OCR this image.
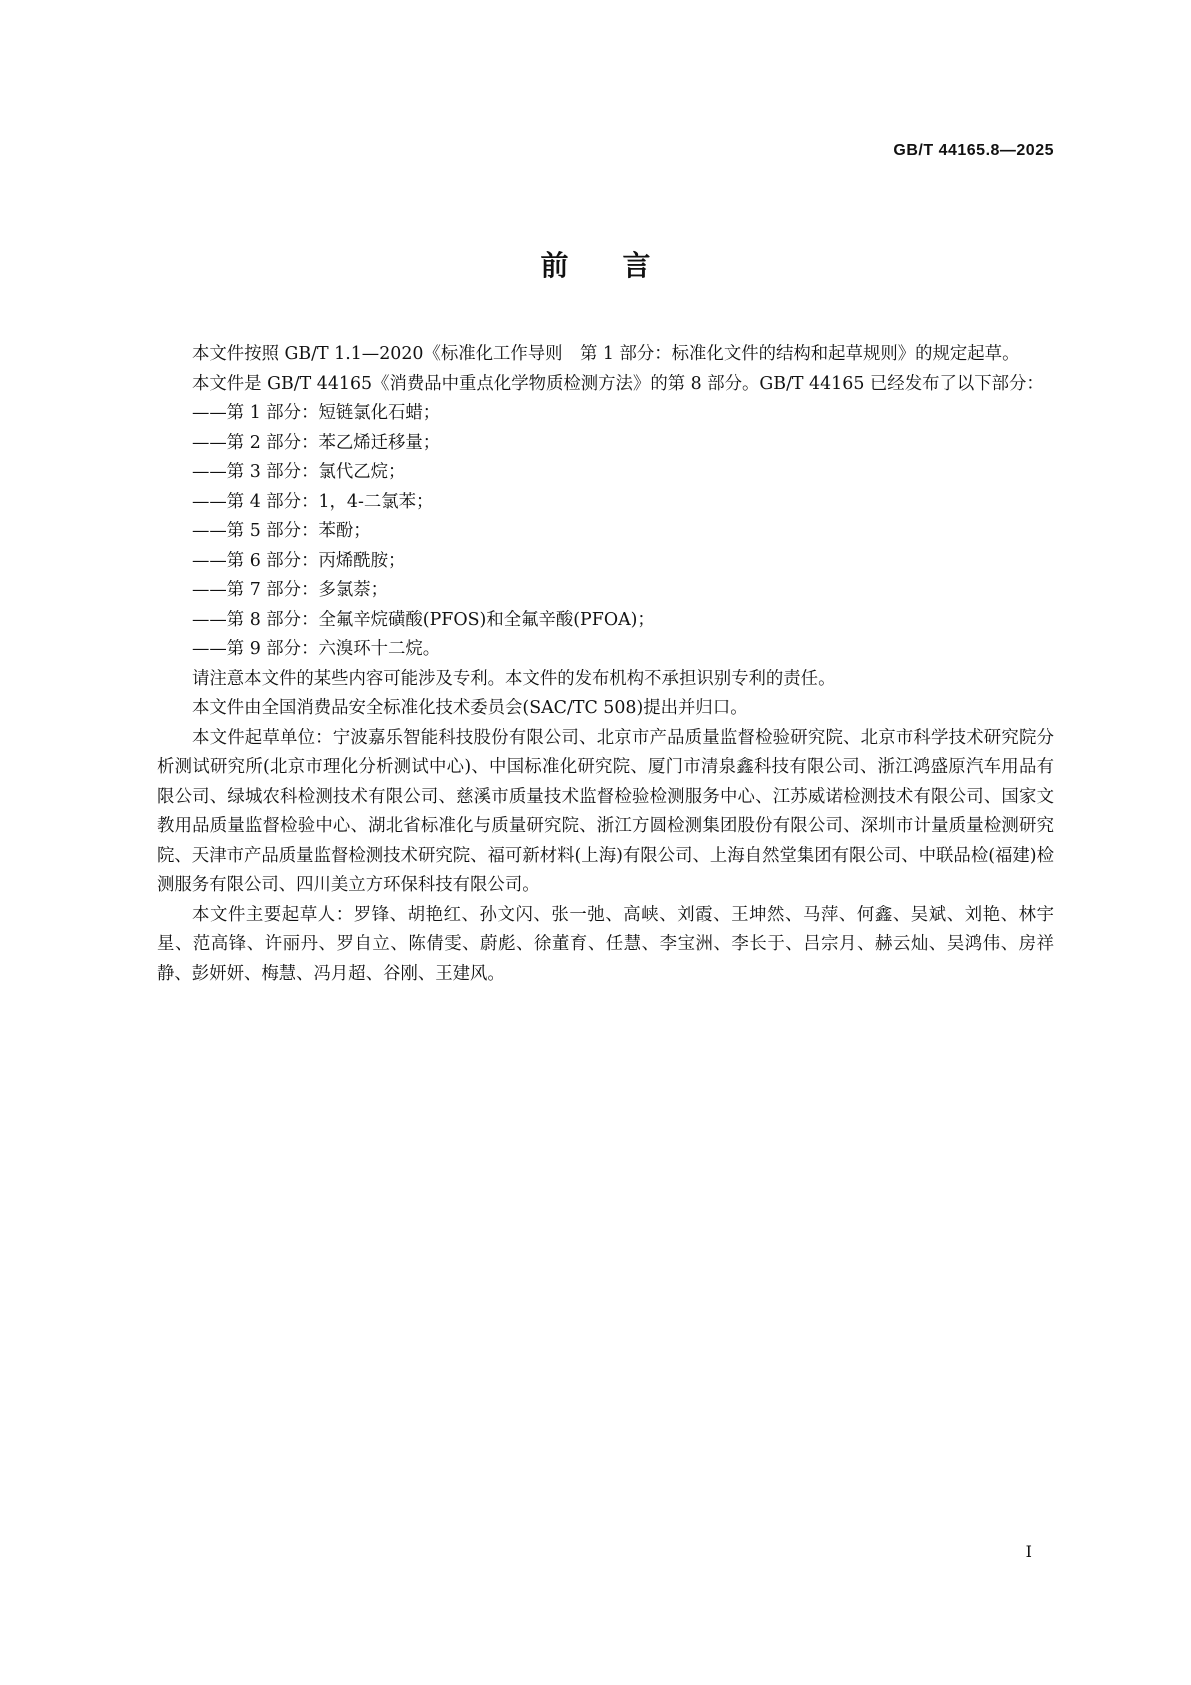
GB/T 44165.8—2025
前 言

本文件按照 GB/T 1.1—2020《标准化工作导则　第 1 部分：标准化文件的结构和起草规则》的规定起草。

本文件是 GB/T 44165《消费品中重点化学物质检测方法》的第 8 部分。GB/T 44165 已经发布了以下部分：

——第 1 部分：短链氯化石蜡；

——第 2 部分：苯乙烯迁移量；

——第 3 部分：氯代乙烷；

——第 4 部分：1，4-二氯苯；

——第 5 部分：苯酚；

——第 6 部分：丙烯酰胺；

——第 7 部分：多氯萘；

——第 8 部分：全氟辛烷磺酸(PFOS)和全氟辛酸(PFOA)；

——第 9 部分：六溴环十二烷。

请注意本文件的某些内容可能涉及专利。本文件的发布机构不承担识别专利的责任。

本文件由全国消费品安全标准化技术委员会(SAC/TC 508)提出并归口。

本文件起草单位：宁波嘉乐智能科技股份有限公司、北京市产品质量监督检验研究院、北京市科学技术研究院分析测试研究所(北京市理化分析测试中心)、中国标准化研究院、厦门市清泉鑫科技有限公司、浙江鸿盛原汽车用品有限公司、绿城农科检测技术有限公司、慈溪市质量技术监督检验检测服务中心、江苏威诺检测技术有限公司、国家文教用品质量监督检验中心、湖北省标准化与质量研究院、浙江方圆检测集团股份有限公司、深圳市计量质量检测研究院、天津市产品质量监督检测技术研究院、福可新材料(上海)有限公司、上海自然堂集团有限公司、中联品检(福建)检测服务有限公司、四川美立方环保科技有限公司。

本文件主要起草人：罗锋、胡艳红、孙文闪、张一弛、高峡、刘霞、王坤然、马萍、何鑫、吴斌、刘艳、林宇星、范高锋、许丽丹、罗自立、陈倩雯、蔚彪、徐董育、任慧、李宝洲、李长于、吕宗月、赫云灿、吴鸿伟、房祥静、彭妍妍、梅慧、冯月超、谷刚、王建风。

I
